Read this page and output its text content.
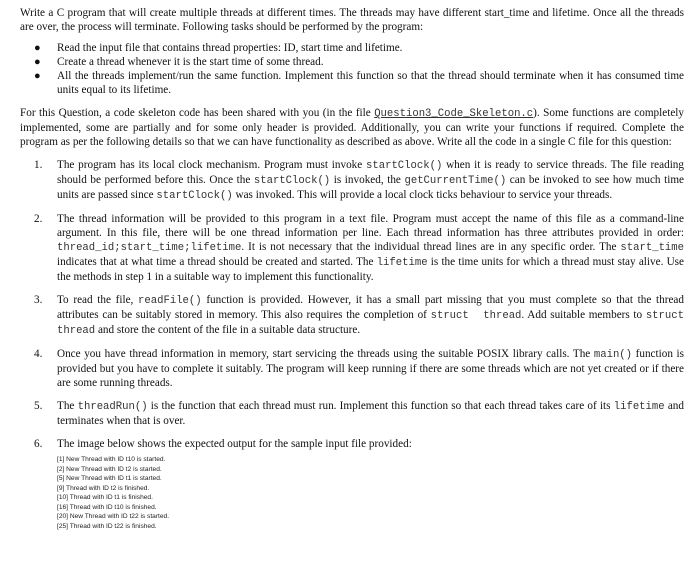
Write a C program that will create multiple threads at different times. The threads may have different start_time and lifetime. Once all the threads are over, the process will terminate. Following tasks should be performed by the program:

● Read the input file that contains thread properties: ID, start time and lifetime.
● Create a thread whenever it is the start time of some thread.
● All the threads implement/run the same function. Implement this function so that the thread should terminate when it has consumed time units equal to its lifetime.

For this Question, a code skeleton code has been shared with you (in the file Question3_Code_Skeleton.c). Some functions are completely implemented, some are partially and for some only header is provided. Additionally, you can write your functions if required. Complete the program as per the following details so that we can have functionality as described as above. Write all the code in a single C file for this question:

1. The program has its local clock mechanism. Program must invoke startClock() when it is ready to service threads. The file reading should be performed before this. Once the startClock() is invoked, the getCurrentTime() can be invoked to see how much time units are passed since startClock() was invoked. This will provide a local clock ticks behaviour to service your threads.
2. The thread information will be provided to this program in a text file. Program must accept the name of this file as a command-line argument. In this file, there will be one thread information per line. Each thread information has three attributes provided in order: thread_id;start_time;lifetime. It is not necessary that the individual thread lines are in any specific order. The start_time indicates that at what time a thread should be created and started. The lifetime is the time units for which a thread must stay alive. Use the methods in step 1 in a suitable way to implement this functionality.
3. To read the file, readFile() function is provided. However, it has a small part missing that you must complete so that the thread attributes can be suitably stored in memory. This also requires the completion of struct  thread. Add suitable members to struct thread and store the content of the file in a suitable data structure.
4. Once you have thread information in memory, start servicing the threads using the suitable POSIX library calls. The main() function is provided but you have to complete it suitably. The program will keep running if there are some threads which are not yet created or if there are some running threads.
5. The threadRun() is the function that each thread must run. Implement this function so that each thread takes care of its lifetime and terminates when that is over.
6. The image below shows the expected output for the sample input file provided:
[1] New Thread with ID t10 is started.
[2] New Thread with ID t2 is started.
[5] New Thread with ID t1 is started.
[9] Thread with ID t2 is finished.
[10] Thread with ID t1 is finished.
[16] Thread with ID t10 is finished.
[20] New Thread with ID t22 is started.
[25] Thread with ID t22 is finished.
